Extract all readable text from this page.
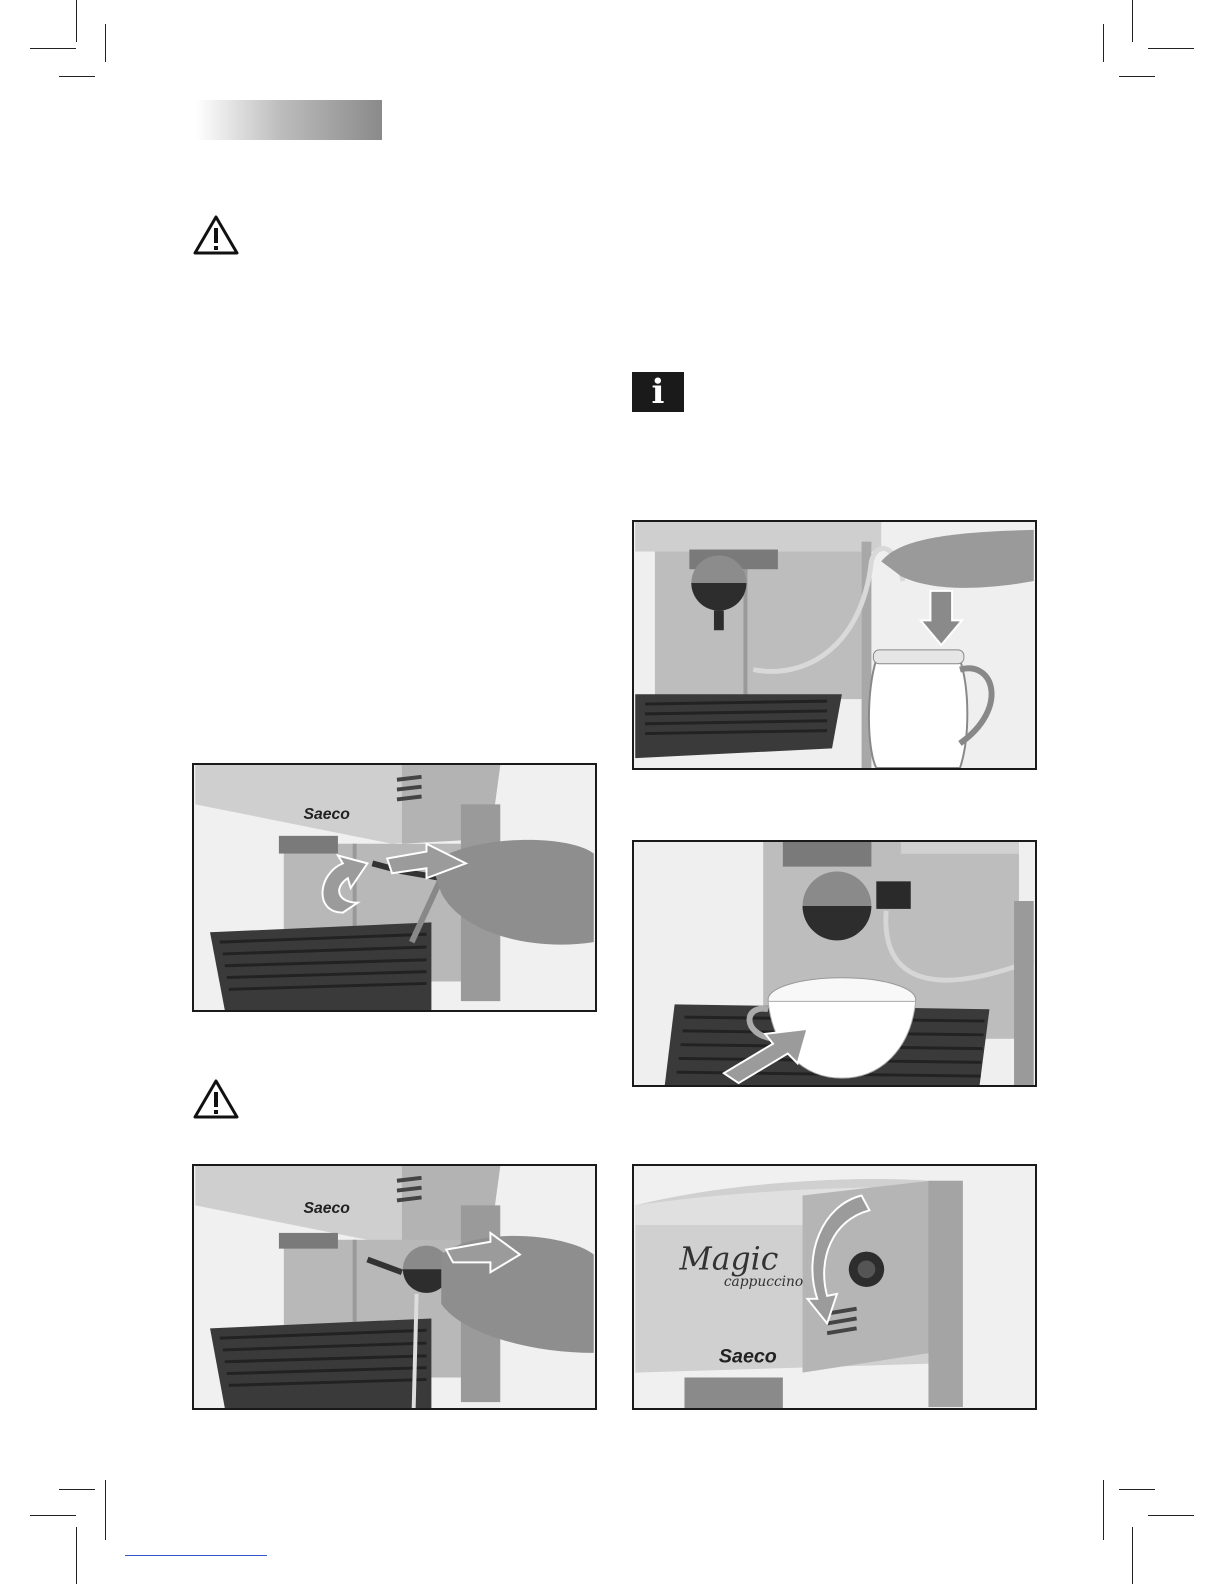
i
Saeco
Saeco
Magic
cappuccino
Saeco
